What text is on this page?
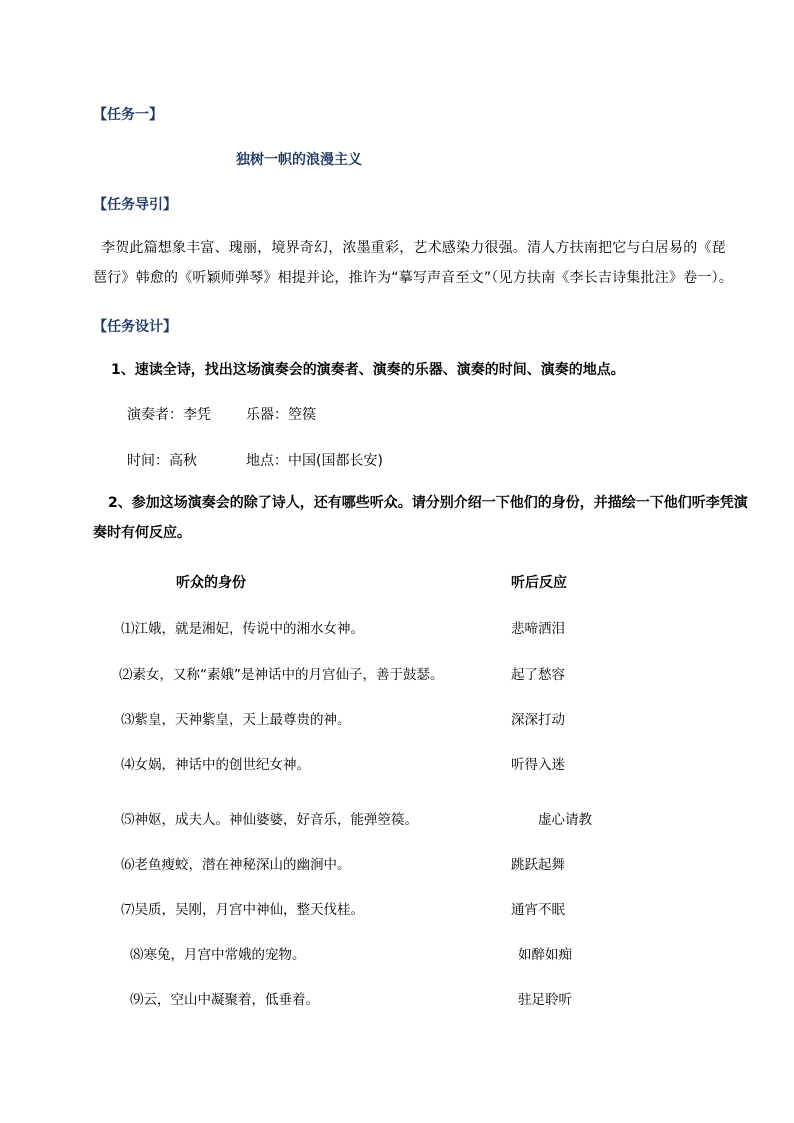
【任务一】
独树一帜的浪漫主义
【任务导引】
李贺此篇想象丰富、瑰丽，境界奇幻，浓墨重彩，艺术感染力很强。清人方扶南把它与白居易的《琵琶行》韩愈的《听颖师弹琴》相提并论，推许为“摹写声音至文”（见方扶南《李长吉诗集批注》卷一）。
【任务设计】
1、速读全诗，找出这场演奏会的演奏者、演奏的乐器、演奏的时间、演奏的地点。
演奏者：李凭	乐器：箜篌
时间：高秋	地点：中国(国都长安)
2、参加这场演奏会的除了诗人，还有哪些听众。请分别介绍一下他们的身份，并描绘一下他们听李凭演奏时有何反应。
听众的身份	听后反应
⑴江娥，就是湘妃，传说中的湘水女神。	悲啼洒泪
⑵素女，又称“素娥”是神话中的月宫仙子，善于鼓瑟。	起了愁容
⑶紫皇，天神紫皇，天上最尊贵的神。	深深打动
⑷女娲，神话中的创世纪女神。	听得入迷
⑸神妪，成夫人。神仙婆婆，好音乐，能弹箜篌。	虚心请教
⑹老鱼瘦蛟，潜在神秘深山的幽涧中。	跳跃起舞
⑺吴质，吴刚，月宫中神仙，整天伐桂。	通宵不眠
⑻寒兔，月宫中常娥的宠物。	如醉如痴
⑼云，空山中凝聚着，低垂着。	驻足聆听
